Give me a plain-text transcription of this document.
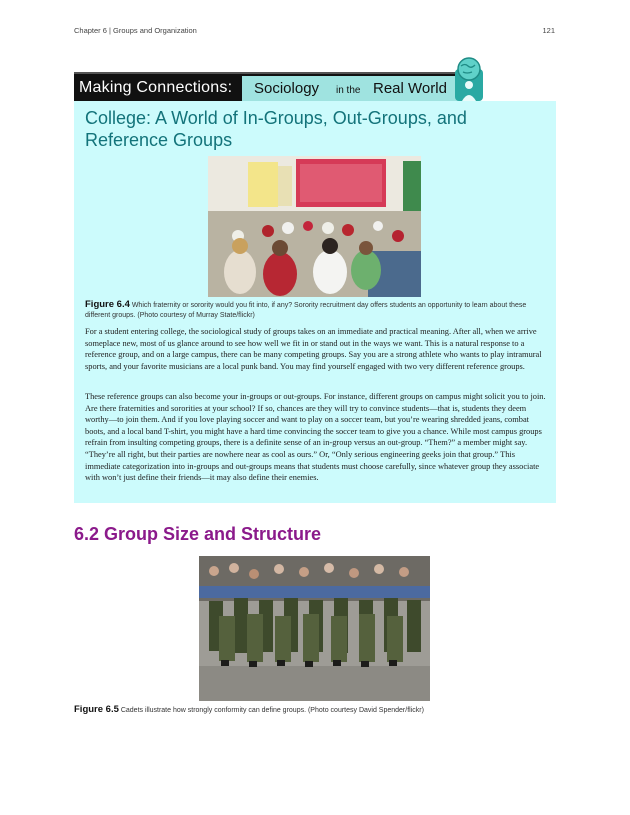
Chapter 6 | Groups and Organization	121
Making Connections: Sociology in the Real World
College: A World of In-Groups, Out-Groups, and Reference Groups
Figure 6.4 Which fraternity or sorority would you fit into, if any? Sorority recruitment day offers students an opportunity to learn about these different groups. (Photo courtesy of Murray State/flickr)

For a student entering college, the sociological study of groups takes on an immediate and practical meaning. After all, when we arrive someplace new, most of us glance around to see how well we fit in or stand out in the ways we want. This is a natural response to a reference group, and on a large campus, there can be many competing groups. Say you are a strong athlete who wants to play intramural sports, and your favorite musicians are a local punk band. You may find yourself engaged with two very different reference groups.

These reference groups can also become your in-groups or out-groups. For instance, different groups on campus might solicit you to join. Are there fraternities and sororities at your school? If so, chances are they will try to convince students—that is, students they deem worthy—to join them. And if you love playing soccer and want to play on a soccer team, but you’re wearing shredded jeans, combat boots, and a local band T-shirt, you might have a hard time convincing the soccer team to give you a chance. While most campus groups refrain from insulting competing groups, there is a definite sense of an in-group versus an out-group. “Them?” a member might say. “They’re all right, but their parties are nowhere near as cool as ours.” Or, “Only serious engineering geeks join that group.” This immediate categorization into in-groups and out-groups means that students must choose carefully, since whatever group they associate with won’t just define their friends—it may also define their enemies.

6.2 Group Size and Structure
Figure 6.5 Cadets illustrate how strongly conformity can define groups. (Photo courtesy David Spender/flickr)
